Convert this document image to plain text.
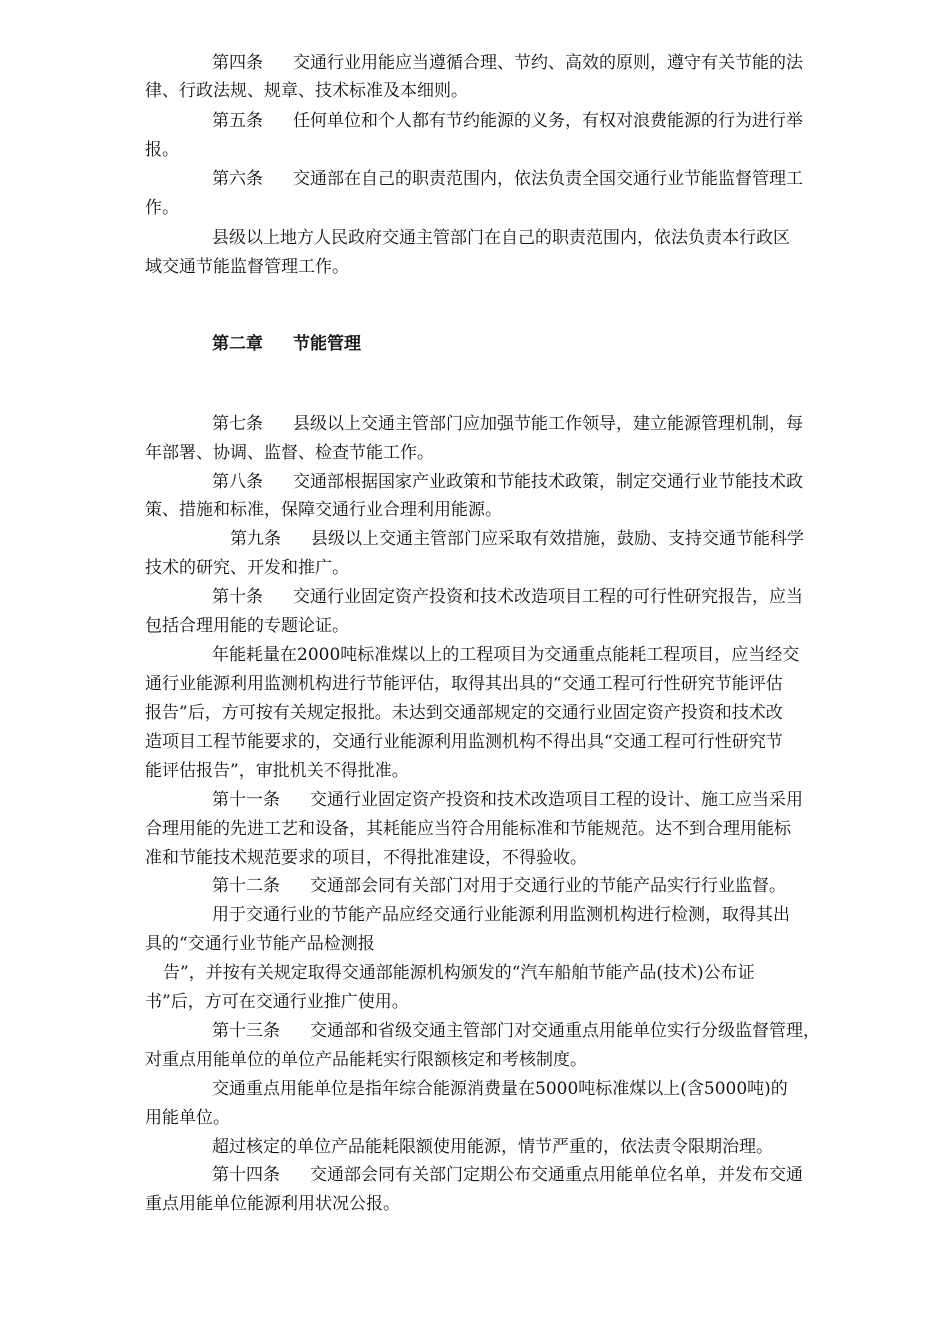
第四条 交通行业用能应当遵循合理、节约、高效的原则，遵守有关节能的法
律、行政法规、规章、技术标准及本细则。
第五条 任何单位和个人都有节约能源的义务，有权对浪费能源的行为进行举
报。
第六条 交通部在自己的职责范围内，依法负责全国交通行业节能监督管理工
作。
县级以上地方人民政府交通主管部门在自己的职责范围内，依法负责本行政区
域交通节能监督管理工作。
第二章 节能管理
第七条 县级以上交通主管部门应加强节能工作领导，建立能源管理机制，每
年部署、协调、监督、检查节能工作。
第八条 交通部根据国家产业政策和节能技术政策，制定交通行业节能技术政
策、措施和标准，保障交通行业合理利用能源。
第九条 县级以上交通主管部门应采取有效措施，鼓励、支持交通节能科学
技术的研究、开发和推广。
第十条 交通行业固定资产投资和技术改造项目工程的可行性研究报告，应当
包括合理用能的专题论证。
年能耗量在2000吨标准煤以上的工程项目为交通重点能耗工程项目，应当经交
通行业能源利用监测机构进行节能评估，取得其出具的“交通工程可行性研究节能评估
报告”后，方可按有关规定报批。未达到交通部规定的交通行业固定资产投资和技术改
造项目工程节能要求的，交通行业能源利用监测机构不得出具“交通工程可行性研究节
能评估报告”，审批机关不得批准。
第十一条 交通行业固定资产投资和技术改造项目工程的设计、施工应当采用
合理用能的先进工艺和设备，其耗能应当符合用能标准和节能规范。达不到合理用能标
准和节能技术规范要求的项目，不得批准建设，不得验收。
第十二条 交通部会同有关部门对用于交通行业的节能产品实行行业监督。
用于交通行业的节能产品应经交通行业能源利用监测机构进行检测，取得其出
具的“交通行业节能产品检测报
告”，并按有关规定取得交通部能源机构颁发的“汽车船舶节能产品(技术)公布证
书”后，方可在交通行业推广使用。
第十三条 交通部和省级交通主管部门对交通重点用能单位实行分级监督管理，
对重点用能单位的单位产品能耗实行限额核定和考核制度。
交通重点用能单位是指年综合能源消费量在5000吨标准煤以上(含5000吨)的
用能单位。
超过核定的单位产品能耗限额使用能源，情节严重的，依法责令限期治理。
第十四条 交通部会同有关部门定期公布交通重点用能单位名单，并发布交通
重点用能单位能源利用状况公报。
